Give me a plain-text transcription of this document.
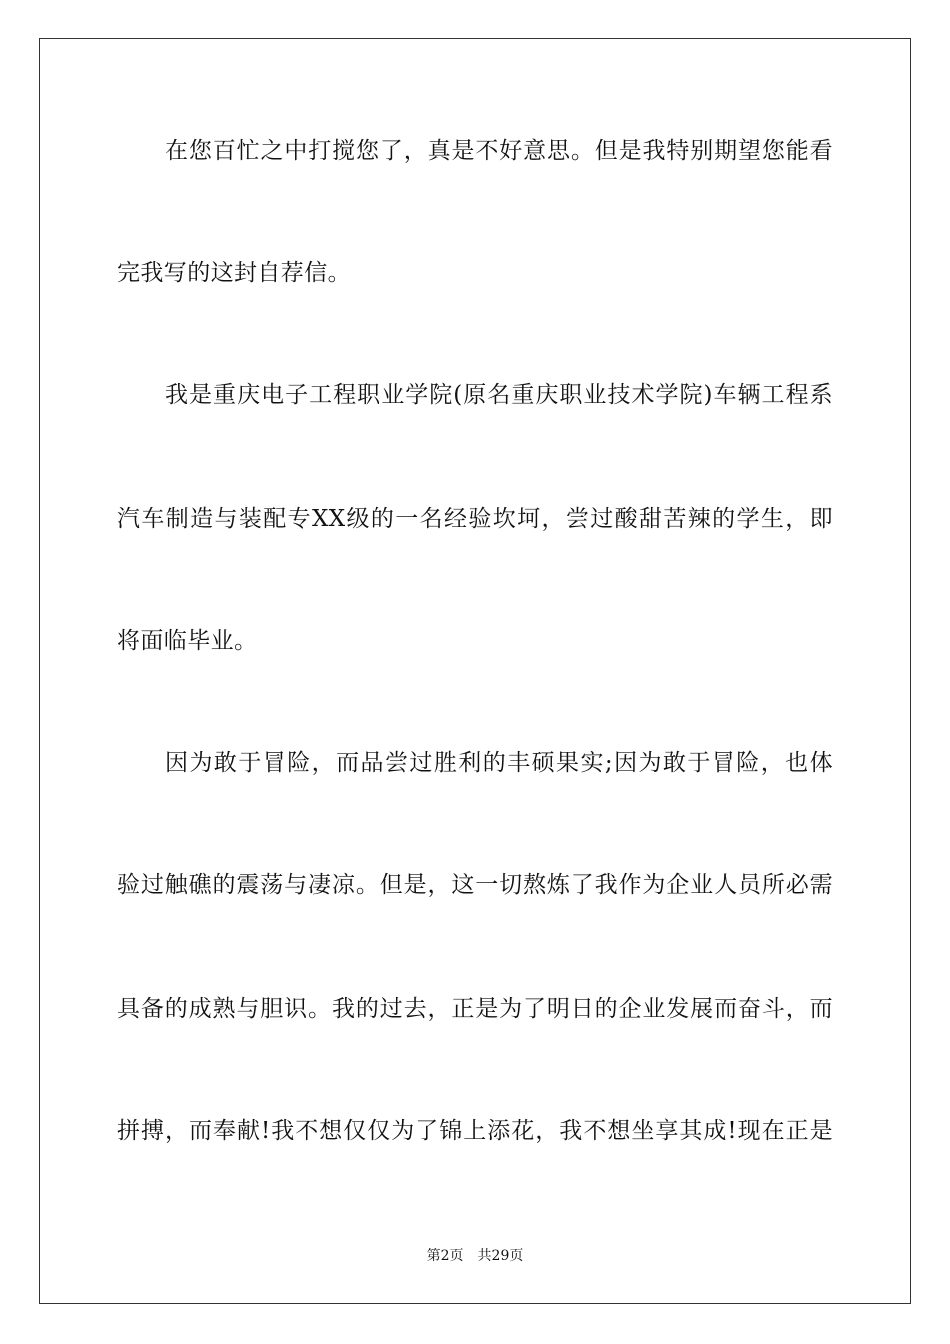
在您百忙之中打搅您了，真是不好意思。但是我特别期望您能看
完我写的这封自荐信。
我是重庆电子工程职业学院(原名重庆职业技术学院)车辆工程系
汽车制造与装配专XX级的一名经验坎坷，尝过酸甜苦辣的学生，即
将面临毕业。
因为敢于冒险，而品尝过胜利的丰硕果实;因为敢于冒险，也体
验过触礁的震荡与凄凉。但是，这一切熬炼了我作为企业人员所必需
具备的成熟与胆识。我的过去，正是为了明日的企业发展而奋斗，而
拼搏，而奉献!我不想仅仅为了锦上添花，我不想坐享其成!现在正是
第2页 共29页
